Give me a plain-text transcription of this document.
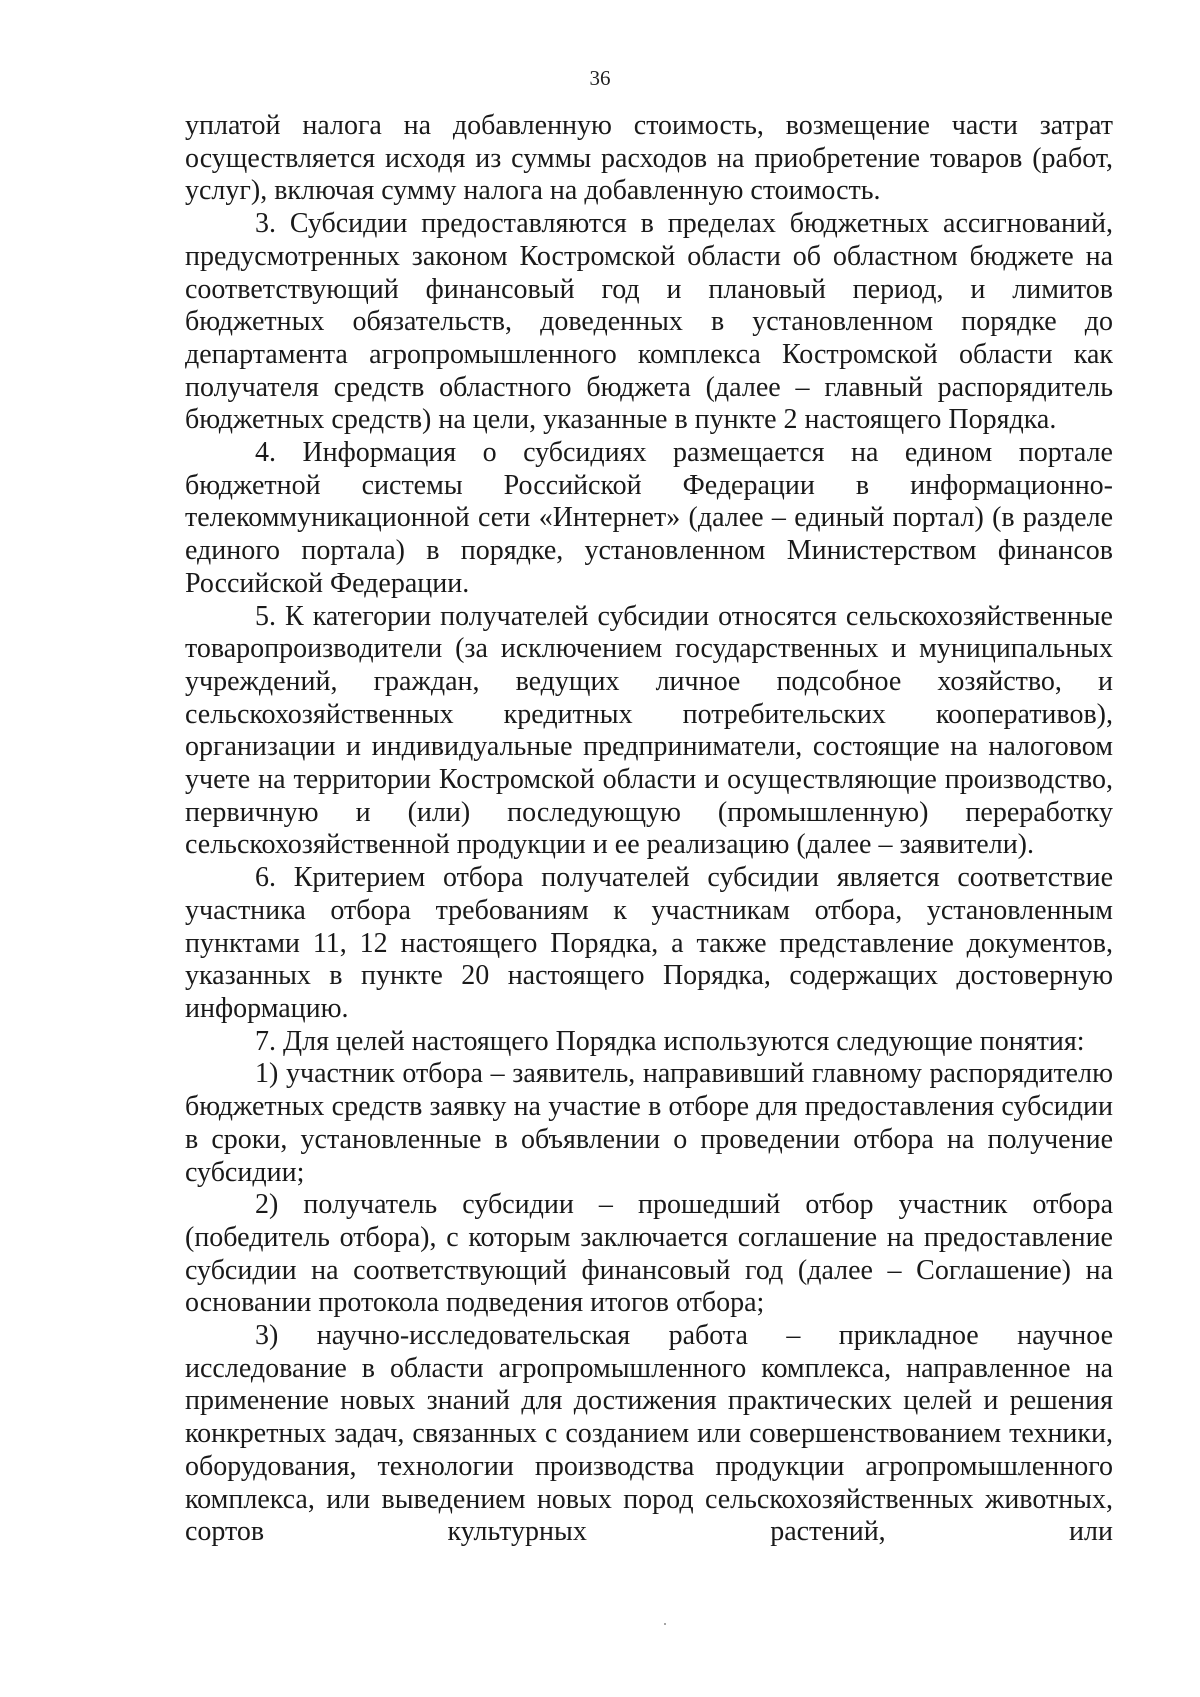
36

уплатой налога на добавленную стоимость, возмещение части затрат осуществляется исходя из суммы расходов на приобретение товаров (работ, услуг), включая сумму налога на добавленную стоимость.

3. Субсидии предоставляются в пределах бюджетных ассигнований, предусмотренных законом Костромской области об областном бюджете на соответствующий финансовый год и плановый период, и лимитов бюджетных обязательств, доведенных в установленном порядке до департамента агропромышленного комплекса Костромской области как получателя средств областного бюджета (далее – главный распорядитель бюджетных средств) на цели, указанные в пункте 2 настоящего Порядка.

4. Информация о субсидиях размещается на едином портале бюджетной системы Российской Федерации в информационно-телекоммуникационной сети «Интернет» (далее – единый портал) (в разделе единого портала) в порядке, установленном Министерством финансов Российской Федерации.

5. К категории получателей субсидии относятся сельскохозяйственные товаропроизводители (за исключением государственных и муниципальных учреждений, граждан, ведущих личное подсобное хозяйство, и сельскохозяйственных кредитных потребительских кооперативов), организации и индивидуальные предприниматели, состоящие на налоговом учете на территории Костромской области и осуществляющие производство, первичную и (или) последующую (промышленную) переработку сельскохозяйственной продукции и ее реализацию (далее – заявители).

6. Критерием отбора получателей субсидии является соответствие участника отбора требованиям к участникам отбора, установленным пунктами 11, 12 настоящего Порядка, а также представление документов, указанных в пункте 20 настоящего Порядка, содержащих достоверную информацию.

7. Для целей настоящего Порядка используются следующие понятия:

1) участник отбора – заявитель, направивший главному распорядителю бюджетных средств заявку на участие в отборе для предоставления субсидии в сроки, установленные в объявлении о проведении отбора на получение субсидии;

2) получатель субсидии – прошедший отбор участник отбора (победитель отбора), с которым заключается соглашение на предоставление субсидии на соответствующий финансовый год (далее – Соглашение) на основании протокола подведения итогов отбора;

3) научно-исследовательская работа – прикладное научное исследование в области агропромышленного комплекса, направленное на применение новых знаний для достижения практических целей и решения конкретных задач, связанных с созданием или совершенствованием техники, оборудования, технологии производства продукции агропромышленного комплекса, или выведением новых пород сельскохозяйственных животных, сортов культурных растений, или
